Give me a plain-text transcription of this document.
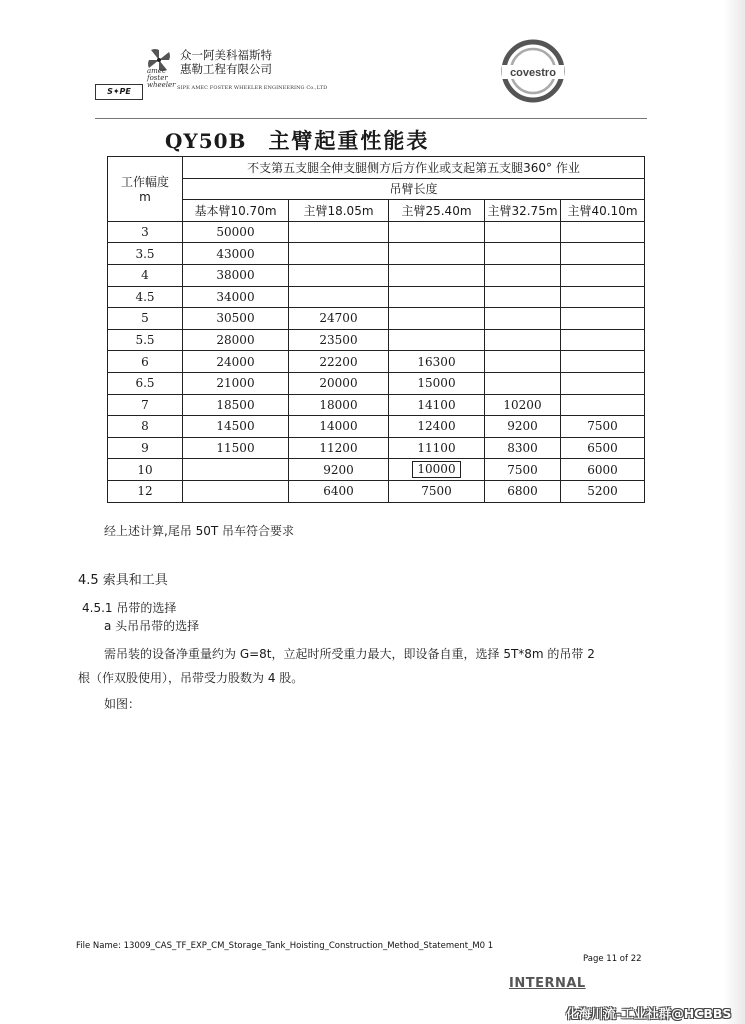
amec
foster
wheeler
S✦PE
众一阿美科福斯特
惠勒工程有限公司
SIPE AMEC FOSTER WHEELER ENGINEERING Co.,LTD
covestro
QY50B 主臂起重性能表
工作幅度
m	不支第五支腿全伸支腿侧方后方作业或支起第五支腿360° 作业				
	吊臂长度				
	基本臂10.70m	主臂18.05m	主臂25.40m	主臂32.75m	主臂40.10m
3	50000				
3.5	43000				
4	38000				
4.5	34000				
5	30500	24700			
5.5	28000	23500			
6	24000	22200	16300		
6.5	21000	20000	15000		
7	18500	18000	14100	10200	
8	14500	14000	12400	9200	7500
9	11500	11200	11100	8300	6500
10		9200	10000	7500	6000
12		6400	7500	6800	5200
经上述计算,尾吊 50T 吊车符合要求
4.5 索具和工具
4.5.1 吊带的选择
a 头吊吊带的选择
需吊装的设备净重量约为 G=8t，立起时所受重力最大，即设备自重，选择 5T*8m 的吊带 2
根（作双股使用），吊带受力股数为 4 股。
如图：
File Name: 13009_CAS_TF_EXP_CM_Storage_Tank_Hoisting_Construction_Method_Statement_M0 1
Page 11 of 22
INTERNAL
化海川流-工业社群@HCBBS
